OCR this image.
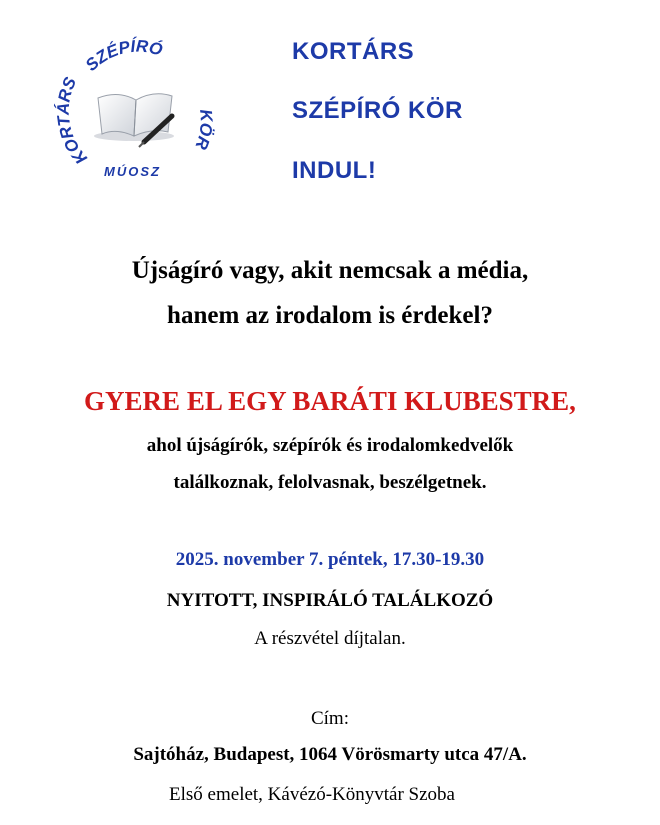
SZÉPÍRÓ
KORTÁRS
KÖR
MÚOSZ
KORTÁRS
SZÉPÍRÓ KÖR
INDUL!
Újságíró vagy, akit nemcsak a média,
hanem az irodalom is érdekel?
GYERE EL EGY BARÁTI KLUBESTRE,
ahol újságírók, szépírók és irodalomkedvelők
találkoznak, felolvasnak, beszélgetnek.
2025. november 7. péntek, 17.30-19.30
NYITOTT, INSPIRÁLÓ TALÁLKOZÓ
A részvétel díjtalan.
Cím:
Sajtóház, Budapest, 1064 Vörösmarty utca 47/A.
Első emelet, Kávézó-Könyvtár Szoba
